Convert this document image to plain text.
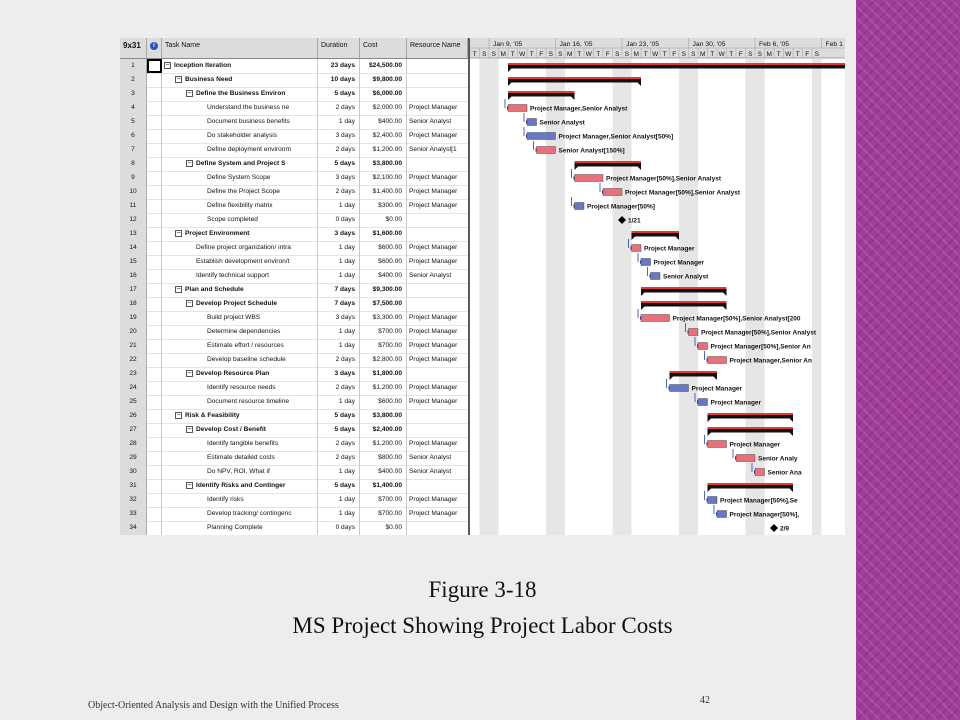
9x31	i	Task Name	Duration	Cost	Resource Name
1	− Inception Iteration	23 days	$24,500.00
2	− Business Need	10 days	$9,800.00
3	− Define the Business Environ	5 days	$6,000.00
4	Understand the business ne	2 days	$2,000.00	Project Manager
5	Document business benefits	1 day	$400.00	Senior Analyst
6	Do stakeholder analysis	3 days	$2,400.00	Project Manager
7	Define deployment environm	2 days	$1,200.00	Senior Analyst[1
8	− Define System and Project S	5 days	$3,800.00
9	Define System Scope	3 days	$2,100.00	Project Manager
10	Define the Project Scope	2 days	$1,400.00	Project Manager
11	Define flexibility matrix	1 day	$300.00	Project Manager
12	Scope completed	0 days	$0.00
13	− Project Environment	3 days	$1,600.00
14	Define project organization/ intra	1 day	$600.00	Project Manager
15	Establish development environ/t	1 day	$600.00	Project Manager
16	Identify technical support	1 day	$400.00	Senior Analyst
17	− Plan and Schedule	7 days	$9,300.00
18	− Develop Project Schedule	7 days	$7,500.00
19	Build project WBS	3 days	$3,300.00	Project Manager
20	Determine dependencies	1 day	$700.00	Project Manager
21	Estimate effort / resources	1 day	$700.00	Project Manager
22	Develop baseline schedule	2 days	$2,800.00	Project Manager
23	− Develop Resource Plan	3 days	$1,800.00
24	Identify resource needs	2 days	$1,200.00	Project Manager
25	Document resource timeline	1 day	$600.00	Project Manager
26	− Risk & Feasibility	5 days	$3,800.00
27	− Develop Cost / Benefit	5 days	$2,400.00
28	Identify tangible benefits	2 days	$1,200.00	Project Manager
29	Estimate detailed costs	2 days	$800.00	Senior Analyst
30	Do NPV, ROI, What if	1 day	$400.00	Senior Analyst
31	− Identify Risks and Continger	5 days	$1,400.00
32	Identify risks	1 day	$700.00	Project Manager
33	Develop tracking/ contingenc	1 day	$700.00	Project Manager
34	Planning Complete	0 days	$0.00
T S S M T W T F S S M T W T F S S M T W T F S S M T W T F S S M T W T F S
Jan 9, '05	Jan 16, '05	Jan 23, '05	Jan 30, '05	Feb 6, '05	Feb 1
Project Manager,Senior Analyst
Senior Analyst
Project Manager,Senior Analyst[50%]
Senior Analyst[150%]
Project Manager[50%],Senior Analyst
Project Manager[50%],Senior Analyst
Project Manager[50%]
1/21
Project Manager
Project Manager
Senior Analyst
Project Manager[50%],Senior Analyst[200
Project Manager[50%],Senior Analyst
Project Manager[50%],Senior An
Project Manager,Senior An
Project Manager
Project Manager
Project Manager
Senior Analy
Senior Ana
Project Manager[50%],Se
Project Manager[50%],
2/9
Figure 3-18
MS Project Showing Project Labor Costs
Object-Oriented Analysis and Design with the Unified Process	42
